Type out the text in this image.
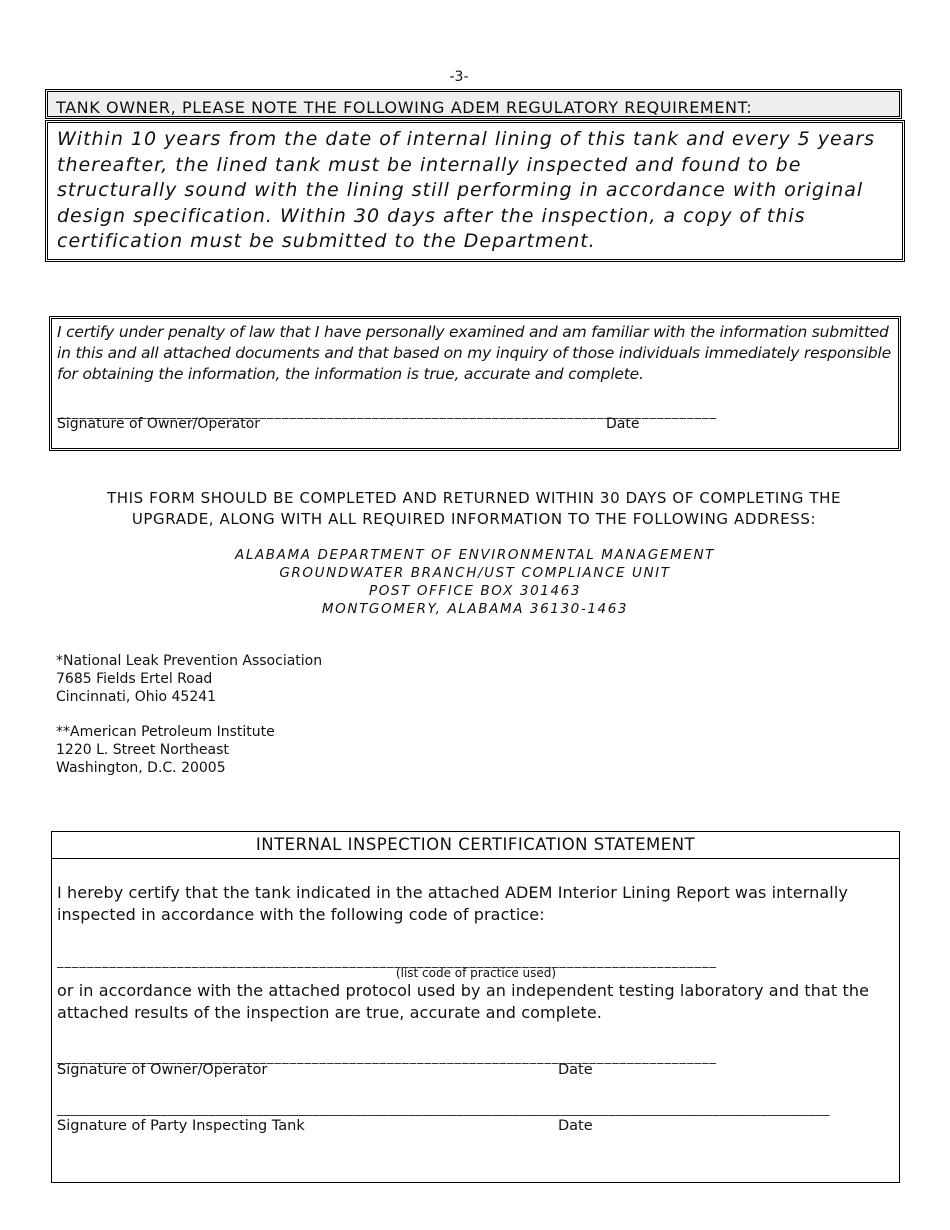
-3-
TANK OWNER, PLEASE NOTE THE FOLLOWING ADEM REGULATORY REQUIREMENT:
Within 10 years from the date of internal lining of this tank and every 5 years thereafter, the lined tank must be internally inspected and found to be structurally sound with the lining still performing in accordance with original design specification. Within 30 days after the inspection, a copy of this certification must be submitted to the Department.
I certify under penalty of law that I have personally examined and am familiar with the information submitted in this and all attached documents and that based on my inquiry of those individuals immediately responsible for obtaining the information, the information is true, accurate and complete.
________________________________________________________________________________________
Signature of Owner/Operator	Date
THIS FORM SHOULD BE COMPLETED AND RETURNED WITHIN 30 DAYS OF COMPLETING THE
UPGRADE, ALONG WITH ALL REQUIRED INFORMATION TO THE FOLLOWING ADDRESS:
ALABAMA DEPARTMENT OF ENVIRONMENTAL MANAGEMENT
GROUNDWATER BRANCH/UST COMPLIANCE UNIT
POST OFFICE BOX 301463
MONTGOMERY, ALABAMA 36130-1463
*National Leak Prevention Association
7685 Fields Ertel Road
Cincinnati, Ohio 45241
**American Petroleum Institute
1220 L. Street Northeast
Washington, D.C. 20005
INTERNAL INSPECTION CERTIFICATION STATEMENT
I hereby certify that the tank indicated in the attached ADEM Interior Lining Report was internally inspected in accordance with the following code of practice:
________________________________________________________________________________________
(list code of practice used)
or in accordance with the attached protocol used by an independent testing laboratory and that the attached results of the inspection are true, accurate and complete.
________________________________________________________________________________________
Signature of Owner/Operator	Date
________________________________________________________________________________________________________________
Signature of Party Inspecting Tank	Date
